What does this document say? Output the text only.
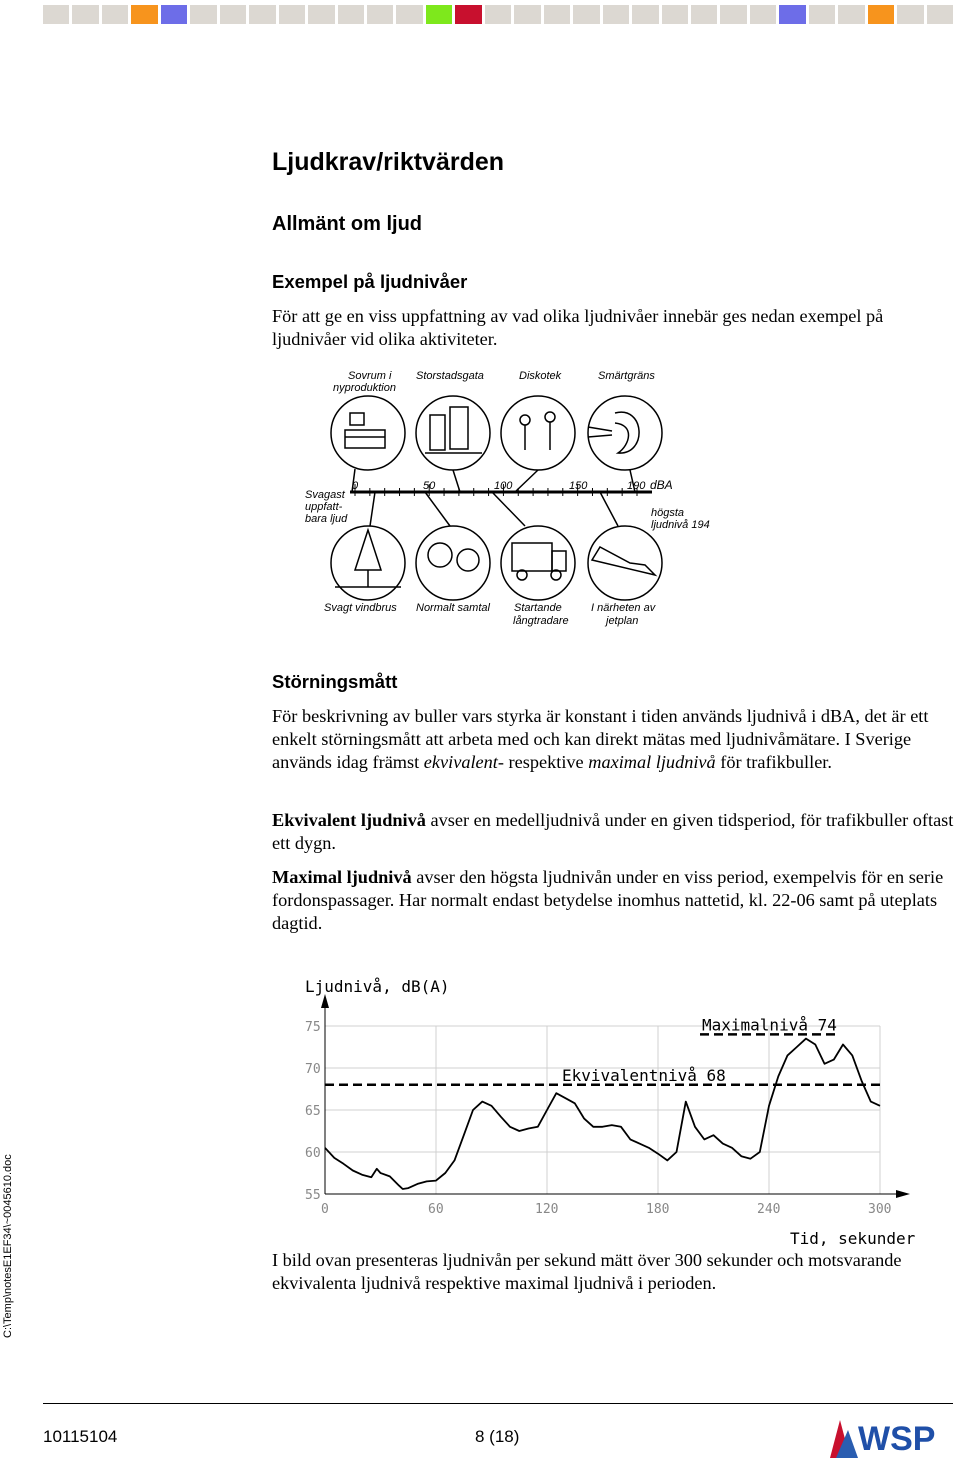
Ljudkrav/riktvärden
Allmänt om ljud
Exempel på ljudnivåer

För att ge en viss uppfattning av vad olika ljudnivåer innebär ges nedan exempel på ljudnivåer vid olika aktiviteter.

0	50	100	150	190 dBA
Sovrum i
nyproduktion
Storstadsgata	Diskotek	Smärtgräns
Svagt vindbrus Normalt samtal Startande
långtradare
I närheten av
jetplan
Svagast
uppfatt-
bara ljud	högsta
ljudnivå 194
Störningsmått

För beskrivning av buller vars styrka är konstant i tiden används ljudnivå i dBA, det är ett enkelt störningsmått att arbeta med och kan direkt mätas med ljudnivåmätare. I Sverige används idag främst ekvivalent- respektive maximal ljudnivå för trafikbuller.

Ekvivalent ljudnivå avser en medelljudnivå under en given tidsperiod, för trafikbuller oftast ett dygn.

Maximal ljudnivå avser den högsta ljudnivån under en viss period, exempelvis för en serie fordonspassager. Har normalt endast betydelse inomhus nattetid, kl. 22-06 samt på uteplats dagtid.

75
70
65
60
55
0	60	120	180	240	300
Ljudnivå, dB(A)
Tid, sekunder
Maximalnivå 74
Ekvivalentnivå 68

I bild ovan presenteras ljudnivån per sekund mätt över 300 sekunder och motsvarande ekvivalenta ljudnivå respektive maximal ljudnivå i perioden.

C:\Temp\notesE1EF34\~0045610.doc
10115104	8 (18)	WSP
